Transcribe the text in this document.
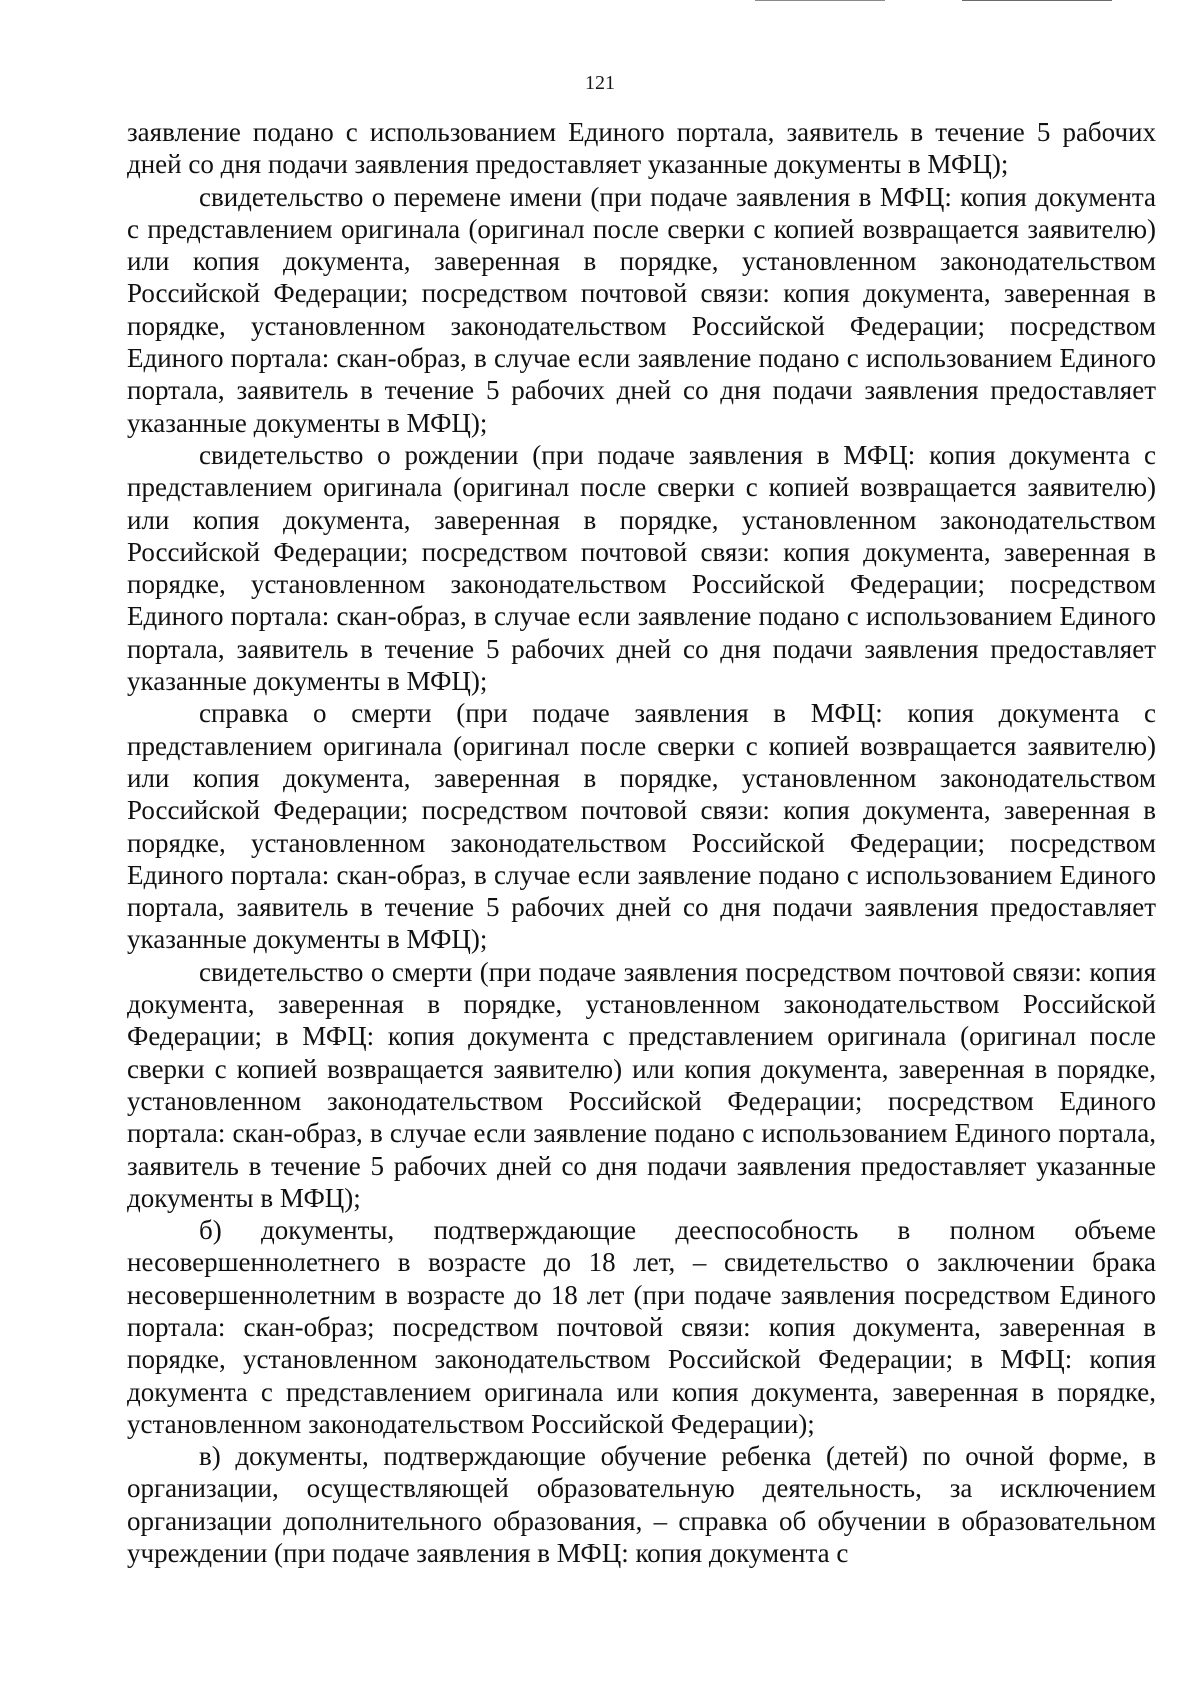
121

заявление подано с использованием Единого портала, заявитель в течение 5 рабочих дней со дня подачи заявления предоставляет указанные документы в МФЦ);

свидетельство о перемене имени (при подаче заявления в МФЦ: копия документа с представлением оригинала (оригинал после сверки с копией возвращается заявителю) или копия документа, заверенная в порядке, установленном законодательством Российской Федерации; посредством почтовой связи: копия документа, заверенная в порядке, установленном законодательством Российской Федерации; посредством Единого портала: скан-образ, в случае если заявление подано с использованием Единого портала, заявитель в течение 5 рабочих дней со дня подачи заявления предоставляет указанные документы в МФЦ);

свидетельство о рождении (при подаче заявления в МФЦ: копия документа с представлением оригинала (оригинал после сверки с копией возвращается заявителю) или копия документа, заверенная в порядке, установленном законодательством Российской Федерации; посредством почтовой связи: копия документа, заверенная в порядке, установленном законодательством Российской Федерации; посредством Единого портала: скан-образ, в случае если заявление подано с использованием Единого портала, заявитель в течение 5 рабочих дней со дня подачи заявления предоставляет указанные документы в МФЦ);

справка о смерти (при подаче заявления в МФЦ: копия документа с представлением оригинала (оригинал после сверки с копией возвращается заявителю) или копия документа, заверенная в порядке, установленном законодательством Российской Федерации; посредством почтовой связи: копия документа, заверенная в порядке, установленном законодательством Российской Федерации; посредством Единого портала: скан-образ, в случае если заявление подано с использованием Единого портала, заявитель в течение 5 рабочих дней со дня подачи заявления предоставляет указанные документы в МФЦ);

свидетельство о смерти (при подаче заявления посредством почтовой связи: копия документа, заверенная в порядке, установленном законодательством Российской Федерации; в МФЦ: копия документа с представлением оригинала (оригинал после сверки с копией возвращается заявителю) или копия документа, заверенная в порядке, установленном законодательством Российской Федерации; посредством Единого портала: скан-образ, в случае если заявление подано с использованием Единого портала, заявитель в течение 5 рабочих дней со дня подачи заявления предоставляет указанные документы в МФЦ);

б) документы, подтверждающие дееспособность в полном объеме несовершеннолетнего в возрасте до 18 лет, – свидетельство о заключении брака несовершеннолетним в возрасте до 18 лет (при подаче заявления посредством Единого портала: скан-образ; посредством почтовой связи: копия документа, заверенная в порядке, установленном законодательством Российской Федерации; в МФЦ: копия документа с представлением оригинала или копия документа, заверенная в порядке, установленном законодательством Российской Федерации);

в) документы, подтверждающие обучение ребенка (детей) по очной форме, в организации, осуществляющей образовательную деятельность, за исключением организации дополнительного образования, – справка об обучении в образовательном учреждении (при подаче заявления в МФЦ: копия документа с
